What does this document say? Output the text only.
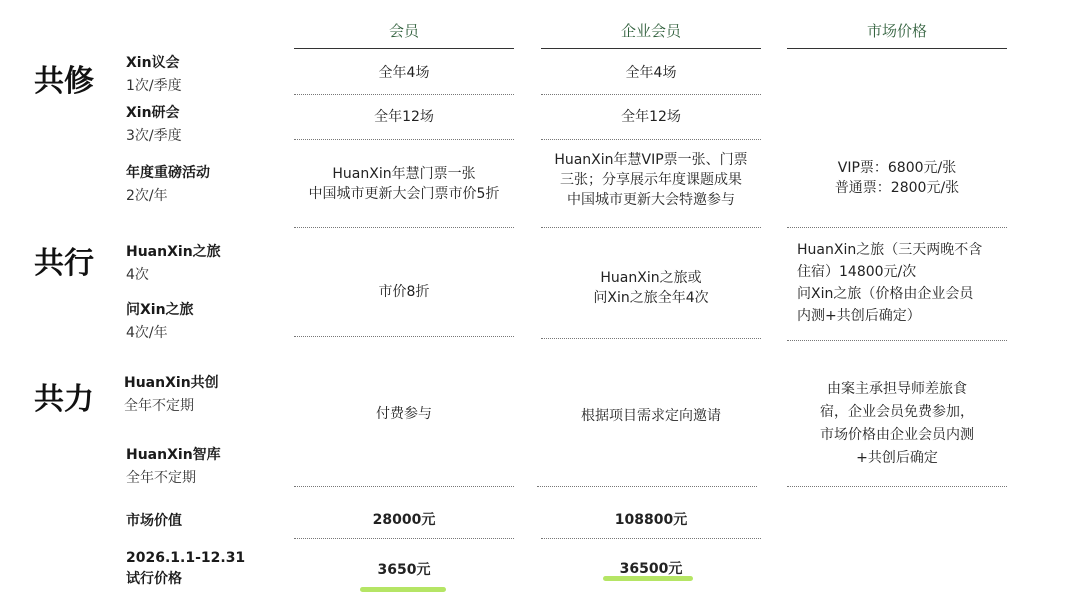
会员	企业会员	市场价格
共修
共行
共力
Xin议会
1次/季度
Xin研会
3次/季度
年度重磅活动
2次/年
HuanXin之旅
4次
问Xin之旅
4次/年
HuanXin共创
全年不定期
HuanXin智库
全年不定期
市场价值
2026.1.1-12.31
试行价格
全年4场
全年12场
HuanXin年慧门票一张
中国城市更新大会门票市价5折
市价8折
付费参与
28000元
3650元
全年4场
全年12场
HuanXin年慧VIP票一张、门票
三张；分享展示年度课题成果
中国城市更新大会特邀参与
HuanXin之旅或
问Xin之旅全年4次
根据项目需求定向邀请
108800元
36500元
VIP票：6800元/张
普通票：2800元/张
HuanXin之旅（三天两晚不含
住宿）14800元/次
问Xin之旅（价格由企业会员
内测+共创后确定）
由案主承担导师差旅食
宿，企业会员免费参加，
市场价格由企业会员内测
+共创后确定
